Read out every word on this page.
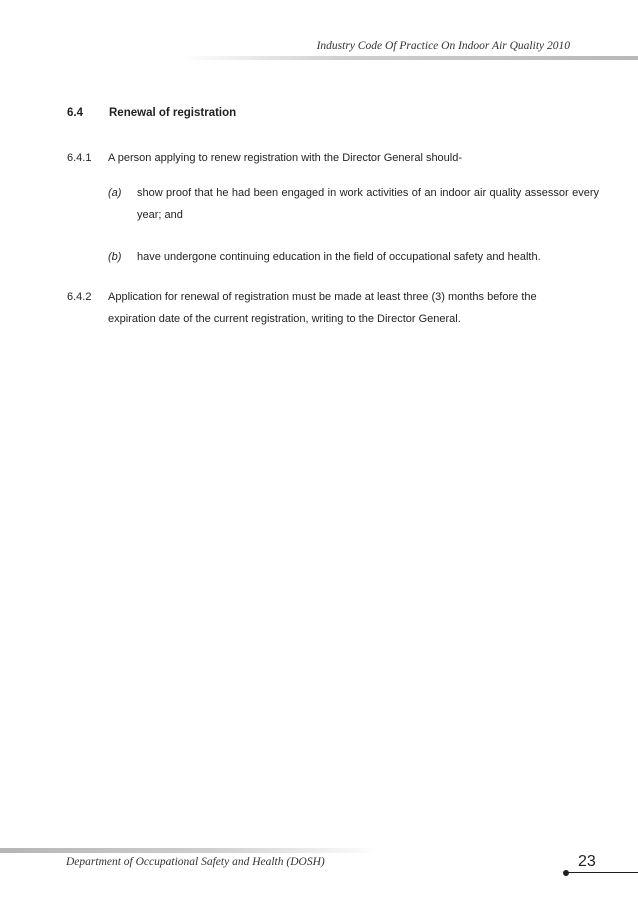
Industry Code Of Practice On Indoor Air Quality 2010
6.4 Renewal of registration
6.4.1 A person applying to renew registration with the Director General should-
(a) show proof that he had been engaged in work activities of an indoor air quality assessor every year; and
(b) have undergone continuing education in the field of occupational safety and health.
6.4.2 Application for renewal of registration must be made at least three (3) months before the expiration date of the current registration, writing to the Director General.
Department of Occupational Safety and Health (DOSH)	23
